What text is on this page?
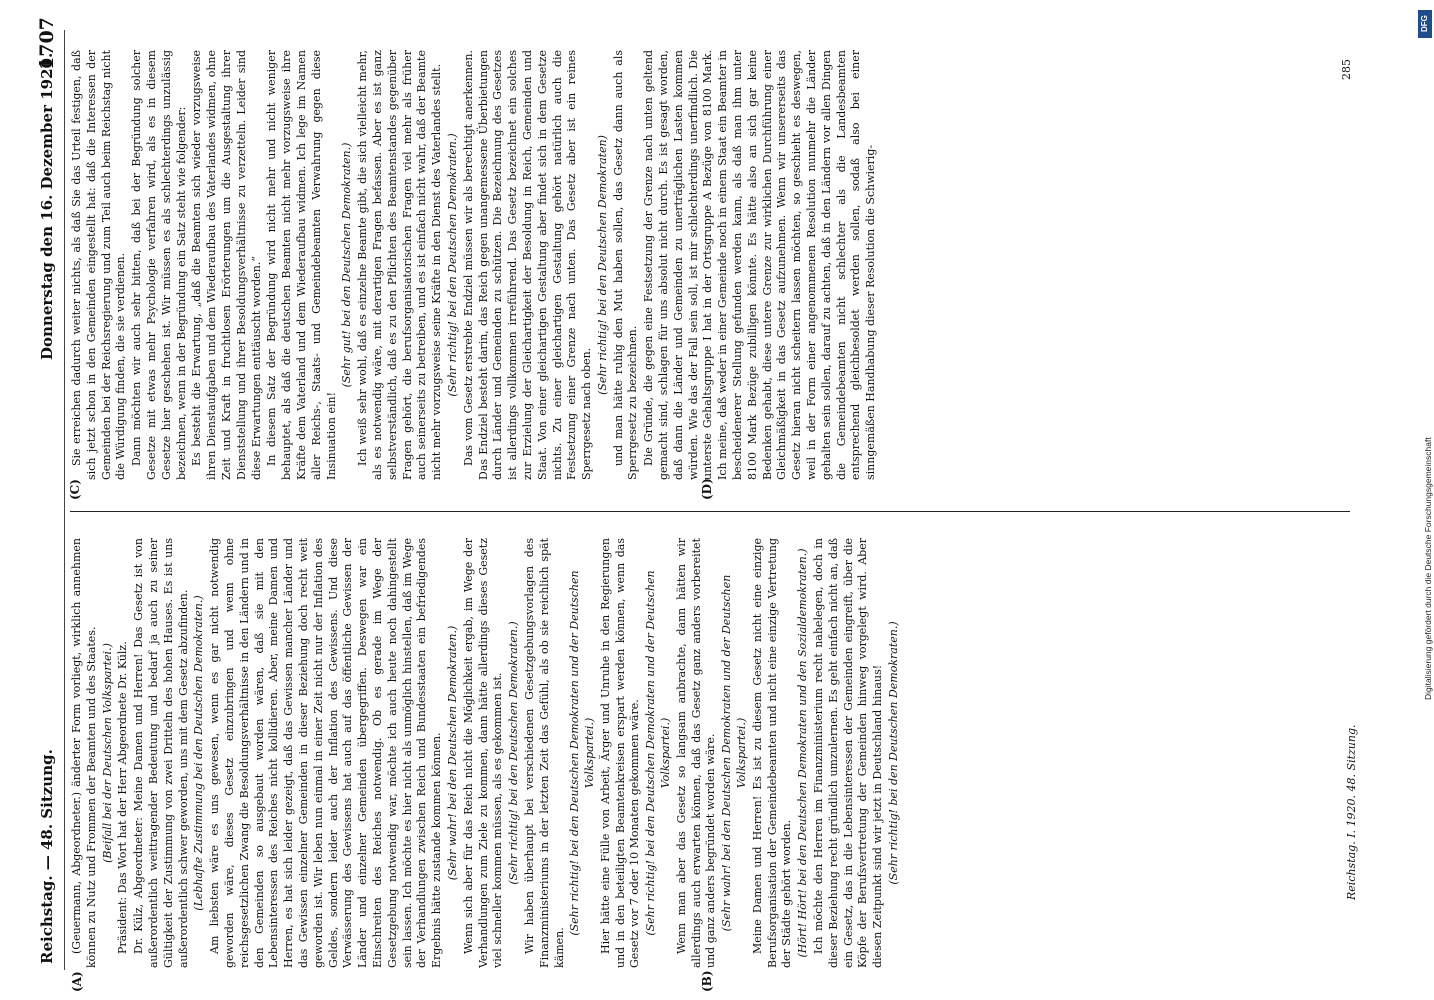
Reichstag. — 48. Sitzung.
Donnerstag den 16. Dezember 1920.
1707
(A)	(B)
(C)	(D)

(Geuermann, Abgeordneter.) änderter Form vorliegt, wirklich annehmen können zu Nutz und Frommen der Beamten und des Staates. (Beifall bei der Deutschen Volkspartei.) Präsident: Das Wort hat der Herr Abgeordnete Dr. Külz. Dr. Külz, Abgeordneter: Meine Damen und Herren! Das Gesetz ist von außerordentlich weittragender Bedeutung und bedarf ja auch zu seiner Gültigkeit der Zustimmung von zwei Dritteln des hohen Hauses. Es ist uns außerordentlich schwer geworden, uns mit dem Gesetz abzufinden. (Lebhafte Zustimmung bei den Deutschen Demokraten.) Am liebsten wäre es uns gewesen, wenn es gar nicht notwendig geworden wäre, dieses Gesetz einzubringen und wenn ohne reichsgesetzlichen Zwang die Besoldungsverhältnisse in den Ländern und in den Gemeinden so ausgebaut worden wären, daß sie mit den Lebensinteressen des Reiches nicht kollidieren. Aber, meine Damen und Herren, es hat sich leider gezeigt, daß das Gewissen mancher Länder und das Gewissen einzelner Gemeinden in dieser Beziehung doch recht weit geworden ist. Wir leben nun einmal in einer Zeit nicht nur der Inflation des Geldes, sondern leider auch der Inflation des Gewissens. Und diese Verwässerung des Gewissens hat auch auf das öffentliche Gewissen der Länder und einzelner Gemeinden übergegriffen. Deswegen war ein Einschreiten des Reiches notwendig. Ob es gerade im Wege der Gesetzgebung notwendig war, möchte ich auch heute noch dahingestellt sein lassen. Ich möchte es hier nicht als unmöglich hinstellen, daß im Wege der Verhandlungen zwischen Reich und Bundesstaaten ein befriedigendes Ergebnis hätte zustande kommen können. (Sehr wahr! bei den Deutschen Demokraten.) Wenn sich aber für das Reich nicht die Möglichkeit ergab, im Wege der Verhandlungen zum Ziele zu kommen, dann hätte allerdings dieses Gesetz viel schneller kommen müssen, als es gekommen ist. (Sehr richtig! bei den Deutschen Demokraten.) Wir haben überhaupt bei verschiedenen Gesetzgebungsvorlagen des Finanzministeriums in der letzten Zeit das Gefühl, als ob sie reichlich spät kämen.

(Sehr richtig! bei den Deutschen Demokraten und der Deutschen Volkspartei.) Hier hätte eine Fülle von Arbeit, Ärger und Unruhe in den Regierungen und in den beteiligten Beamtenkreisen erspart werden können, wenn das Gesetz vor 7 oder 10 Monaten gekommen wäre. (Sehr richtig! bei den Deutschen Demokraten und der Deutschen Volkspartei.) Wenn man aber das Gesetz so langsam anbrachte, dann hätten wir allerdings auch erwarten können, daß das Gesetz ganz anders vorbereitet und ganz anders begründet worden wäre. (Sehr wahr! bei den Deutschen Demokraten und der Deutschen Volkspartei.) Meine Damen und Herren! Es ist zu diesem Gesetz nicht eine einzige Berufsorganisation der Gemeindebeamten und nicht eine einzige Vertretung der Städte gehört worden. (Hört! Hört! bei den Deutschen Demokraten und den Sozialdemokraten.) Ich möchte den Herren im Finanzministerium recht nahelegen, doch in dieser Beziehung recht gründlich umzulernen. Es geht einfach nicht an, daß ein Gesetz, das in die Lebensinteressen der Gemeinden eingreift, über die Köpfe der Berufsvertretung der Gemeinden hinweg vorgelegt wird. Aber diesen Zeitpunkt sind wir jetzt in Deutschland hinaus! (Sehr richtig! bei den Deutschen Demokraten.)

Sie erreichen dadurch weiter nichts, als daß Sie das Urteil festigen, daß sich jetzt schon in den Gemeinden eingestellt hat: daß die Interessen der Gemeinden bei der Reichsregierung und zum Teil auch beim Reichstag nicht die Würdigung finden, die sie verdienen. Dann möchten wir auch sehr bitten, daß bei der Begründung solcher Gesetze mit etwas mehr Psychologie verfahren wird, als es in diesem Gesetze hier geschehen ist. Wir müssen es als schlechterdings unzulässig bezeichnen, wenn in der Begründung ein Satz steht wie folgender: Es besteht die Erwartung, „daß die Beamten sich wieder vorzugsweise ihren Dienstaufgaben und dem Wiederaufbau des Vaterlandes widmen, ohne Zeit und Kraft in fruchtlosen Erörterungen um die Ausgestaltung ihrer Dienststellung und ihrer Besoldungsverhältnisse zu verzetteln. Leider sind diese Erwartungen enttäuscht worden.“ In diesem Satz der Begründung wird nicht mehr und nicht weniger behauptet, als daß die deutschen Beamten nicht mehr vorzugsweise ihre Kräfte dem Vaterland und dem Wiederaufbau widmen. Ich lege im Namen aller Reichs-, Staats- und Gemeindebeamten Verwahrung gegen diese Insinuation ein!

(Sehr gut! bei den Deutschen Demokraten.) Ich weiß sehr wohl, daß es einzelne Beamte gibt, die sich vielleicht mehr, als es notwendig wäre, mit derartigen Fragen befassen. Aber es ist ganz selbstverständlich, daß es zu den Pflichten des Beamtenstandes gegenüber Fragen gehört, die berufsorganisatorischen Fragen viel mehr als früher auch seinerseits zu betreiben, und es ist einfach nicht wahr, daß der Beamte nicht mehr vorzugsweise seine Kräfte in den Dienst des Vaterlandes stellt. (Sehr richtig! bei den Deutschen Demokraten.) Das vom Gesetz erstrebte Endziel müssen wir als berechtigt anerkennen. Das Endziel besteht darin, das Reich gegen unangemessene Überbietungen durch Länder und Gemeinden zu schützen. Die Bezeichnung des Gesetzes ist allerdings vollkommen irreführend. Das Gesetz bezeichnet ein solches zur Erzielung der Gleichartigkeit der Besoldung in Reich, Gemeinden und Staat. Von einer gleichartigen Gestaltung aber findet sich in dem Gesetze nichts. Zu einer gleichartigen Gestaltung gehört natürlich auch die Festsetzung einer Grenze nach unten. Das Gesetz aber ist ein reines Sperrgesetz nach oben.

(Sehr richtig! bei den Deutschen Demokraten) und man hätte ruhig den Mut haben sollen, das Gesetz dann auch als Sperrgesetz zu bezeichnen. Die Gründe, die gegen eine Festsetzung der Grenze nach unten geltend gemacht sind, schlagen für uns absolut nicht durch. Es ist gesagt worden, daß dann die Länder und Gemeinden zu unerträglichen Lasten kommen würden. Wie das der Fall sein soll, ist mir schlechterdings unerfindlich. Die unterste Gehaltsgruppe I hat in der Ortsgruppe A Bezüge von 8100 Mark. Ich meine, daß weder in einer Gemeinde noch in einem Staat ein Beamter in bescheidenerer Stellung gefunden werden kann, als daß man ihm unter 8100 Mark Bezüge zubilligen könnte. Es hätte also an sich gar keine Bedenken gehabt, diese untere Grenze zur wirklichen Durchführung einer Gleichmäßigkeit in das Gesetz aufzunehmen. Wenn wir unsererseits das Gesetz hieran nicht scheitern lassen möchten, so geschieht es deswegen, weil in der Form einer angenommenen Resolution nunmehr die Länder gehalten sein sollen, darauf zu achten, daß in den Ländern vor allen Dingen die Gemeindebeamten nicht schlechter als die Landesbeamten entsprechend gleichbesoldet werden sollen, sodaß also bei einer sinngemäßen Handhabung dieser Resolution die Schwierig-

Reichstag. I. 1920. 48. Sitzung.
285
DFG
Digitalisierung gefördert durch die Deutsche Forschungsgemeinschaft
